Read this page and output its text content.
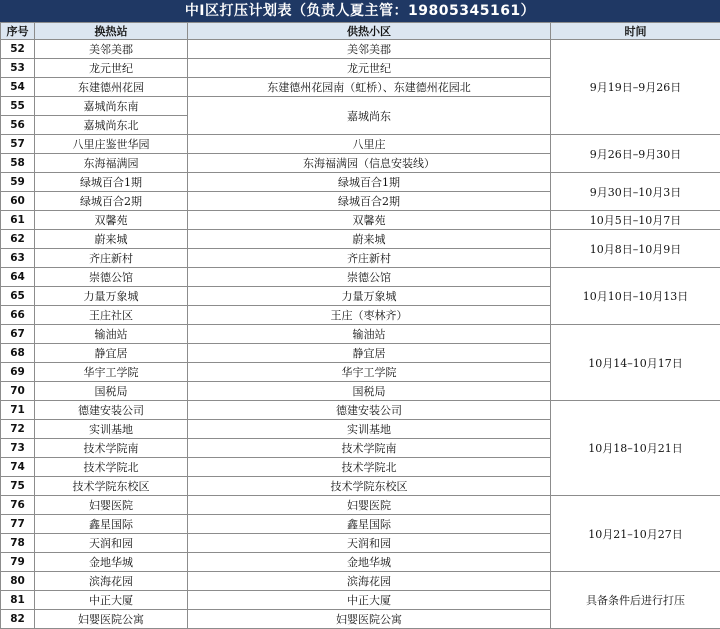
中Ⅰ区打压计划表（负责人夏主管：19805345161）
序号	换热站	供热小区	时间
52	美邻美郡	美邻美郡	9月19日–9月26日
53	龙元世纪	龙元世纪	
54	东建德州花园	东建德州花园南（虹桥）、东建德州花园北	
55	嘉城尚东南	嘉城尚东	
56	嘉城尚东北		
57	八里庄鉴世华园	八里庄	9月26日–9月30日
58	东海福满园	东海福满园（信息安装线）	
59	绿城百合1期	绿城百合1期	9月30日–10月3日
60	绿城百合2期	绿城百合2期	
61	双馨苑	双馨苑	10月5日–10月7日
62	蔚来城	蔚来城	10月8日–10月9日
63	齐庄新村	齐庄新村	
64	崇德公馆	崇德公馆	10月10日–10月13日
65	力量万象城	力量万象城	
66	王庄社区	王庄（枣林齐）	
67	输油站	输油站	10月14–10月17日
68	静宜居	静宜居	
69	华宇工学院	华宇工学院	
70	国税局	国税局	
71	德建安装公司	德建安装公司	10月18–10月21日
72	实训基地	实训基地	
73	技术学院南	技术学院南	
74	技术学院北	技术学院北	
75	技术学院东校区	技术学院东校区	
76	妇婴医院	妇婴医院	10月21–10月27日
77	鑫星国际	鑫星国际	
78	天润和园	天润和园	
79	金地华城	金地华城	
80	滨海花园	滨海花园	具备条件后进行打压
81	中正大厦	中正大厦	
82	妇婴医院公寓	妇婴医院公寓	
